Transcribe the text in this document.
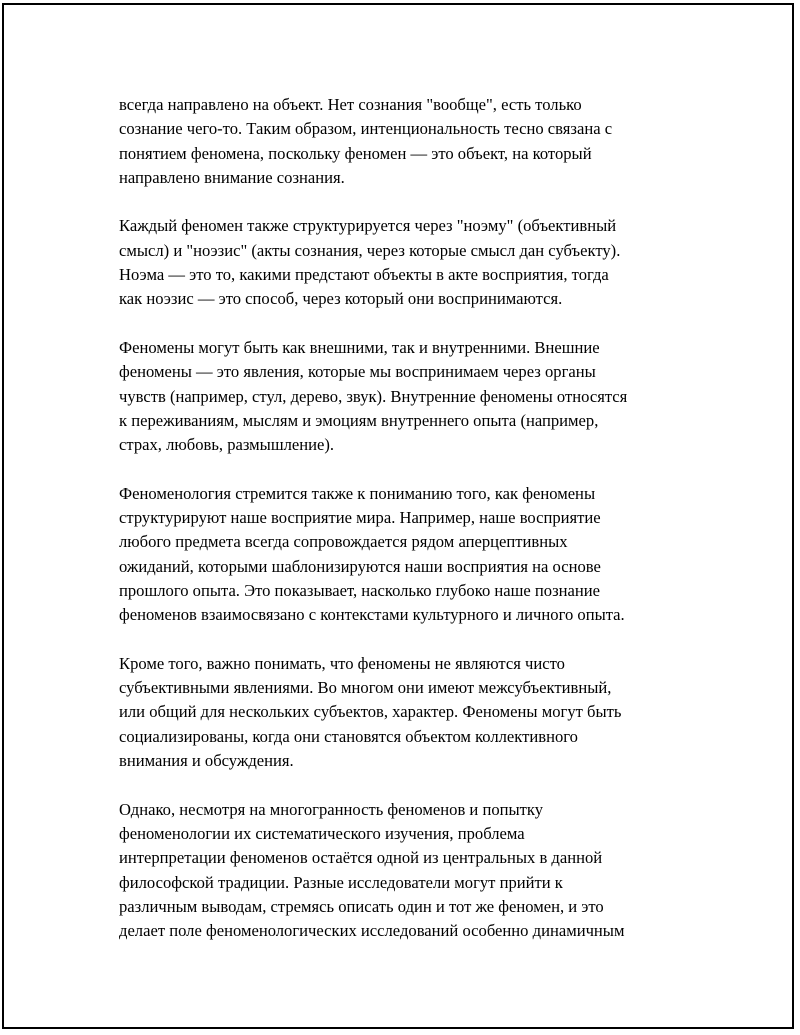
всегда направлено на объект. Нет сознания "вообще", есть только
сознание чего-то. Таким образом, интенциональность тесно связана с
понятием феномена, поскольку феномен — это объект, на который
направлено внимание сознания.

Каждый феномен также структурируется через "ноэму" (объективный
смысл) и "ноэзис" (акты сознания, через которые смысл дан субъекту).
Ноэма — это то, какими предстают объекты в акте восприятия, тогда
как ноэзис — это способ, через который они воспринимаются.

Феномены могут быть как внешними, так и внутренними. Внешние
феномены — это явления, которые мы воспринимаем через органы
чувств (например, стул, дерево, звук). Внутренние феномены относятся
к переживаниям, мыслям и эмоциям внутреннего опыта (например,
страх, любовь, размышление).

Феноменология стремится также к пониманию того, как феномены
структурируют наше восприятие мира. Например, наше восприятие
любого предмета всегда сопровождается рядом аперцептивных
ожиданий, которыми шаблонизируются наши восприятия на основе
прошлого опыта. Это показывает, насколько глубоко наше познание
феноменов взаимосвязано с контекстами культурного и личного опыта.

Кроме того, важно понимать, что феномены не являются чисто
субъективными явлениями. Во многом они имеют межсубъективный,
или общий для нескольких субъектов, характер. Феномены могут быть
социализированы, когда они становятся объектом коллективного
внимания и обсуждения.

Однако, несмотря на многогранность феноменов и попытку
феноменологии их систематического изучения, проблема
интерпретации феноменов остаётся одной из центральных в данной
философской традиции. Разные исследователи могут прийти к
различным выводам, стремясь описать один и тот же феномен, и это
делает поле феноменологических исследований особенно динамичным
